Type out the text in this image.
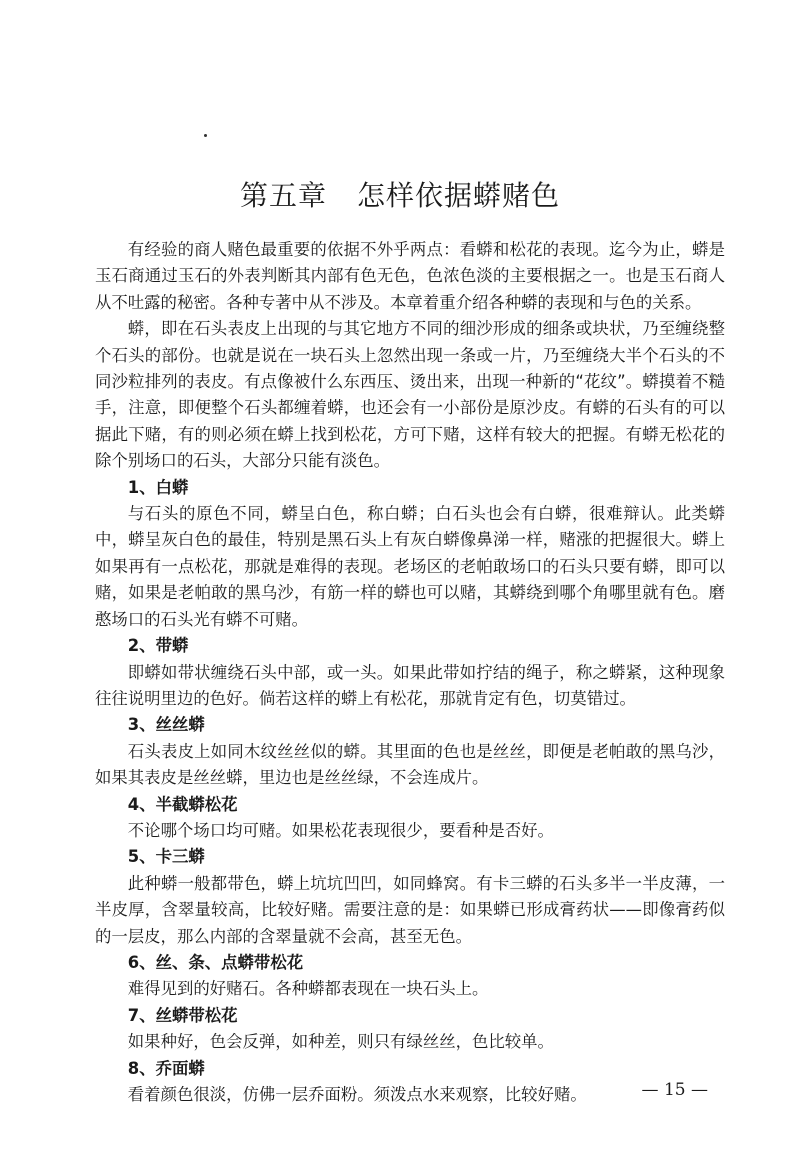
第五章 怎样依据蟒赌色

有经验的商人赌色最重要的依据不外乎两点：看蟒和松花的表现。迄今为止，蟒是玉石商通过玉石的外表判断其内部有色无色，色浓色淡的主要根据之一。也是玉石商人从不吐露的秘密。各种专著中从不涉及。本章着重介绍各种蟒的表现和与色的关系。

蟒，即在石头表皮上出现的与其它地方不同的细沙形成的细条或块状，乃至缠绕整个石头的部份。也就是说在一块石头上忽然出现一条或一片，乃至缠绕大半个石头的不同沙粒排列的表皮。有点像被什么东西压、烫出来，出现一种新的“花纹”。蟒摸着不糙手，注意，即便整个石头都缠着蟒，也还会有一小部份是原沙皮。有蟒的石头有的可以据此下赌，有的则必须在蟒上找到松花，方可下赌，这样有较大的把握。有蟒无松花的除个别场口的石头，大部分只能有淡色。

1、白蟒

与石头的原色不同，蟒呈白色，称白蟒；白石头也会有白蟒，很难辩认。此类蟒中，蟒呈灰白色的最佳，特别是黑石头上有灰白蟒像鼻涕一样，赌涨的把握很大。蟒上如果再有一点松花，那就是难得的表现。老场区的老帕敢场口的石头只要有蟒，即可以赌，如果是老帕敢的黑乌沙，有筋一样的蟒也可以赌，其蟒绕到哪个角哪里就有色。磨憨场口的石头光有蟒不可赌。

2、带蟒

即蟒如带状缠绕石头中部，或一头。如果此带如拧结的绳子，称之蟒紧，这种现象往往说明里边的色好。倘若这样的蟒上有松花，那就肯定有色，切莫错过。

3、丝丝蟒

石头表皮上如同木纹丝丝似的蟒。其里面的色也是丝丝，即便是老帕敢的黑乌沙，如果其表皮是丝丝蟒，里边也是丝丝绿，不会连成片。

4、半截蟒松花

不论哪个场口均可赌。如果松花表现很少，要看种是否好。

5、卡三蟒

此种蟒一般都带色，蟒上坑坑凹凹，如同蜂窝。有卡三蟒的石头多半一半皮薄，一半皮厚，含翠量较高，比较好赌。需要注意的是：如果蟒已形成膏药状——即像膏药似的一层皮，那么内部的含翠量就不会高，甚至无色。

6、丝、条、点蟒带松花

难得见到的好赌石。各种蟒都表现在一块石头上。

7、丝蟒带松花

如果种好，色会反弹，如种差，则只有绿丝丝，色比较单。

8、乔面蟒

看着颜色很淡，仿佛一层乔面粉。须泼点水来观察，比较好赌。	— 15 —
